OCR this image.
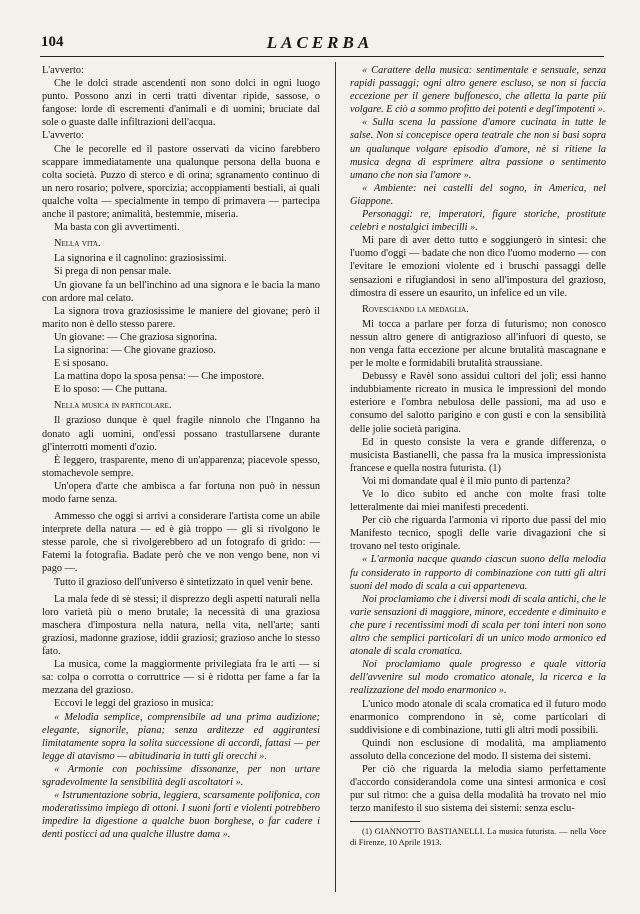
104	LACERBA

L'avverto:

Che le dolci strade ascendenti non sono dolci in ogni luogo punto. Possono anzi in certi tratti diventar ripide, sassose, o fangose: lorde di escrementi d'animali e di uomini; bruciate dal sole o guaste dalle infiltrazioni dell'acqua.

L'avverto:

Che le pecorelle ed il pastore osservati da vicino farebbero scappare immediatamente una qualunque persona della buona e colta società. Puzzo di sterco e di orina; sgranamento continuo di un nero rosario; polvere, sporcizia; accoppiamenti bestiali, ai quali qualche volta — specialmente in tempo di primavera — partecipa anche il pastore; animalità, bestemmie, miseria.

Ma basta con gli avvertimenti.

Nella vita.

La signorina e il cagnolino: graziosissimi.

Si prega di non pensar male.

Un giovane fa un bell'inchino ad una signora e le bacia la mano con ardore mal celato.

La signora trova graziosissime le maniere del giovane; però il marito non è dello stesso parere.

Un giovane: — Che graziosa signorina.

La signorina: — Che giovane grazioso.

E si sposano.

La mattina dopo la sposa pensa: — Che impostore.

E lo sposo: — Che puttana.

Nella musica in particolare.

Il grazioso dunque è quel fragile ninnolo che l'Inganno ha donato agli uomini, ond'essi possano trastullarsene durante gl'interrotti momenti d'ozio.

È leggero, trasparente, meno di un'apparenza; piacevole spesso, stomachevole sempre.

Un'opera d'arte che ambisca a far fortuna non può in nessun modo farne senza.

Ammesso che oggi si arrivi a considerare l'artista come un abile interprete della natura — ed è già troppo — gli si rivolgono le stesse parole, che si rivolgerebbero ad un fotografo di grido: — Fatemi la fotografia. Badate però che ve non vengo bene, non vi pago —.

Tutto il grazioso dell'universo è sintetizzato in quel venir bene.

La mala fede di sè stessi; il disprezzo degli aspetti naturali nella loro varietà più o meno brutale; la necessità di una graziosa maschera d'impostura nella natura, nella vita, nell'arte; santi graziosi, madonne graziose, iddii graziosi; grazioso anche lo stesso fato.

La musica, come la maggiormente privilegiata fra le arti — si sa: colpa o corrotta o corruttrice — si è ridotta per fame a far la mezzana del grazioso.

Eccovi le leggi del grazioso in musica:

« Melodia semplice, comprensibile ad una prima audizione; elegante, signorile, piana; senza arditezze ed aggirantesi limitatamente sopra la solita successione di accordi, fattasi — per legge di atavismo — abitudinaria in tutti gli orecchi ».

« Armonie con pochissime dissonanze, per non urtare sgradevolmente la sensibilità degli ascoltatori ».

« Istrumentazione sobria, leggiera, scarsamente polifonica, con moderatissimo impiego di ottoni. I suoni forti e violenti potrebbero impedire la digestione a qualche buon borghese, o far cadere i denti posticci ad una qualche illustre dama ».

« Carattere della musica: sentimentale e sensuale, senza rapidi passaggi; ogni altro genere escluso, se non si faccia eccezione per il genere buffonesco, che alletta la parte più volgare. E ciò a sommo profitto dei potenti e degl'impotenti ».

« Sulla scena la passione d'amore cucinata in tutte le salse. Non si concepisce opera teatrale che non si basi sopra un qualunque volgare episodio d'amore, nè si ritiene la musica degna di esprimere altra passione o sentimento umano che non sia l'amore ».

« Ambiente: nei castelli del sogno, in America, nel Giappone.

Personaggi: re, imperatori, figure storiche, prostitute celebri e nostalgici imbecilli ».

Mi pare di aver detto tutto e soggiungerò in sintesi: che l'uomo d'oggi — badate che non dico l'uomo moderno — con l'evitare le emozioni violente ed i bruschi passaggi delle sensazioni e rifugiandosi in seno all'impostura del grazioso, dimostra di essere un esaurito, un infelice ed un vile.

Rovesciando la medaglia.

Mi tocca a parlare per forza di futurismo; non conosco nessun altro genere di antigrazioso all'infuori di questo, se non venga fatta eccezione per alcune brutalità mascagnane e per le molte e formidabili brutalità straussiane.

Debussy e Ravèl sono assidui cultori del jolì; essi hanno indubbiamente ricreato in musica le impressioni del mondo esteriore e l'ombra nebulosa delle passioni, ma ad uso e consumo del salotto parigino e con gusti e con la sensibilità delle jolie società parigina.

Ed in questo consiste la vera e grande differenza, o musicista Bastianelli, che passa fra la musica impressionista francese e quella nostra futurista. (1)

Voi mi domandate qual è il mio punto di partenza?

Ve lo dico subito ed anche con molte frasi tolte letteralmente dai miei manifesti precedenti.

Per ciò che riguarda l'armonia vi riporto due passi del mio Manifesto tecnico, spogli delle varie divagazioni che si trovano nel testo originale.

« L'armonia nacque quando ciascun suono della melodia fu considerato in rapporto di combinazione con tutti gli altri suoni del modo di scala a cui apparteneva.

Noi proclamiamo che i diversi modi di scala antichi, che le varie sensazioni di maggiore, minore, eccedente e diminuito e che pure i recentissimi modi di scala per toni interi non sono altro che semplici particolari di un unico modo armonico ed atonale di scala cromatica.

Noi proclamiamo quale progresso e quale vittoria dell'avvenire sul modo cromatico atonale, la ricerca e la realizzazione del modo enarmonico ».

L'unico modo atonale di scala cromatica ed il futuro modo enarmonico comprendono in sè, come particolari di suddivisione e di combinazione, tutti gli altri modi possibili.

Quindi non esclusione di modalità, ma ampliamento assoluto della concezione del modo. Il sistema dei sistemi.

Per ciò che riguarda la melodia siamo perfettamente d'accordo considerandola come una sintesi armonica e così pur sul ritmo: che a guisa della modalità ha trovato nel mio terzo manifesto il suo sistema dei sistemi: senza esclu-

(1) GIANNOTTO BASTIANELLI. La musica futurista. — nella Voce di Firenze, 10 Aprile 1913.
